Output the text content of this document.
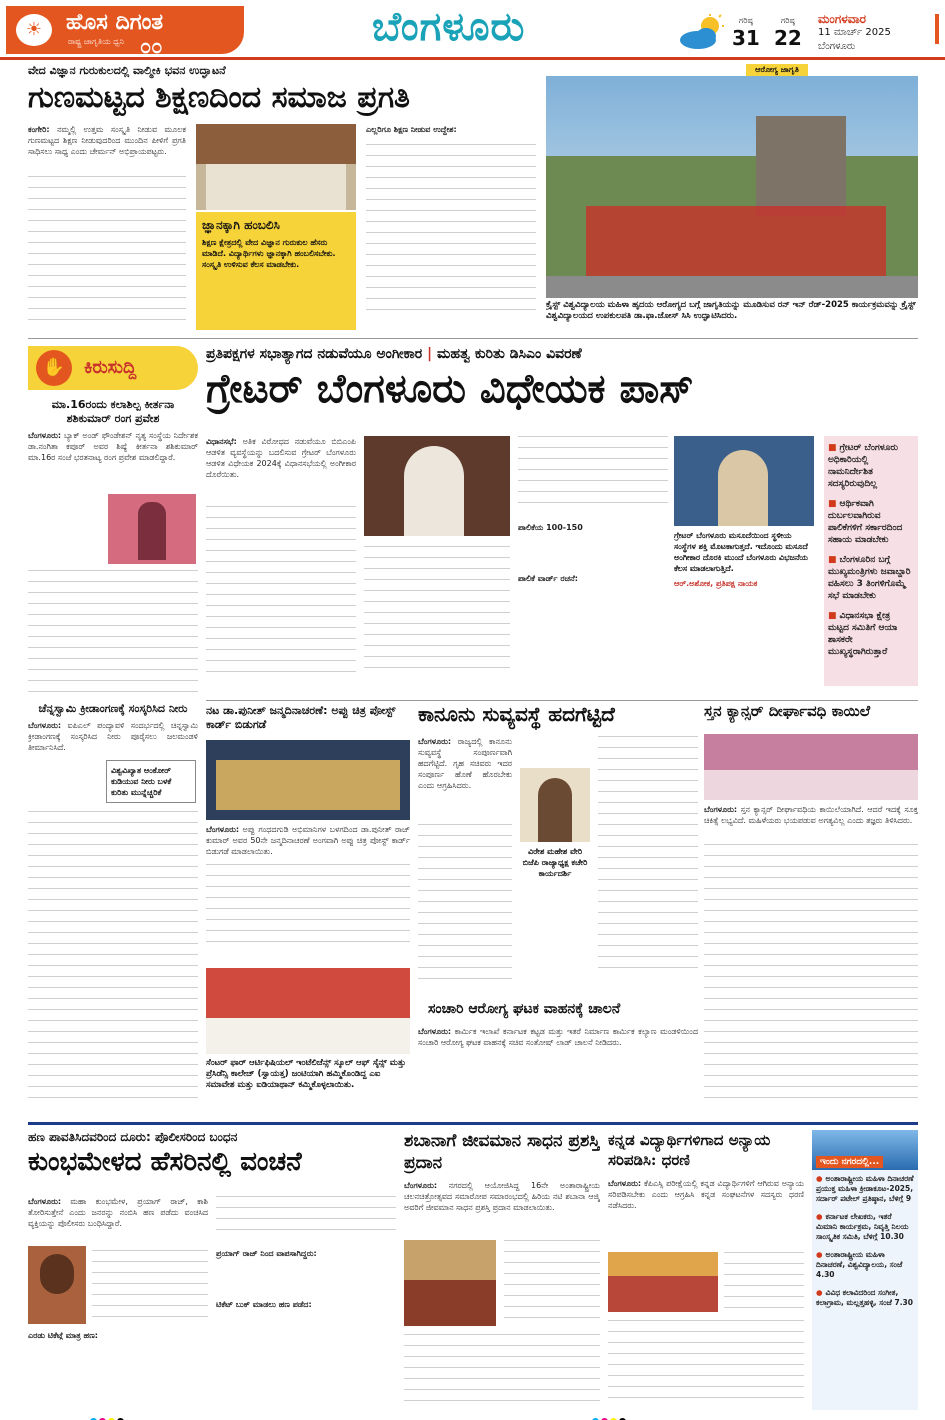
☀	ಹೊಸ ದಿಗಂತ
ರಾಷ್ಟ್ರ ಜಾಗೃತಿಯ ಧ್ವನಿ ೦೦	ಬೆಂಗಳೂರು	ಗರಿಷ್ಠ
31
ಗರಿಷ್ಠ
22
ಮಂಗಳವಾರ
11 ಮಾರ್ಚ್ 2025
ಬೆಂಗಳೂರು
ವೇದ ವಿಜ್ಞಾನ ಗುರುಕುಲದಲ್ಲಿ ವಾಲ್ಮೀಕಿ ಭವನ ಉದ್ಘಾಟನೆ
ಗುಣಮಟ್ಟದ ಶಿಕ್ಷಣದಿಂದ ಸಮಾಜ ಪ್ರಗತಿ

ಕಂಗೇರಿ: ನಮ್ಮಲ್ಲಿ ಉತ್ತಮ ಸಂಸ್ಕೃತಿ ನೀಡುವ ಮೂಲಕ ಗುಣಮಟ್ಟದ ಶಿಕ್ಷಣ ನೀಡುವುದರಿಂದ ಮುಂದಿನ ಪೀಳಿಗೆ ಪ್ರಗತಿ ಸಾಧಿಸಲು ಸಾಧ್ಯ ಎಂದು ಚೇರ್ಮನ್ ಅಭಿಪ್ರಾಯಪಟ್ಟರು.

ಜ್ಞಾನಕ್ಕಾಗಿ ಹಂಬಲಿಸಿ
ಶಿಕ್ಷಣ ಕ್ಷೇತ್ರದಲ್ಲಿ ವೇದ ವಿಜ್ಞಾನ ಗುರುಕುಲ ಹೆಸರು ಮಾಡಿದೆ. ವಿದ್ಯಾರ್ಥಿಗಳು ಜ್ಞಾನಕ್ಕಾಗಿ ಹಂಬಲಿಸಬೇಕು. ಸಂಸ್ಕೃತಿ ಉಳಿಸುವ ಕೆಲಸ ಮಾಡಬೇಕು.

ಎಲ್ಲರಿಗೂ ಶಿಕ್ಷಣ ನೀಡುವ ಉದ್ದೇಶ:

ಆರೋಗ್ಯ ಜಾಗೃತಿ
ಕ್ರೈಸ್ಟ್ ವಿಶ್ವವಿದ್ಯಾಲಯ ಮಹಿಳಾ ಹೃದಯ ಆರೋಗ್ಯದ ಬಗ್ಗೆ ಜಾಗೃತಿಯನ್ನು ಮೂಡಿಸುವ ರನ್ ಇನ್ ರೆಡ್-2025 ಕಾರ್ಯಕ್ರಮವನ್ನು ಕ್ರೈಸ್ಟ್ ವಿಶ್ವವಿದ್ಯಾಲಯದ ಉಪಕುಲಪತಿ ಡಾ.ಫಾ.ಜೋಸ್ ಸಿಸಿ ಉದ್ಘಾಟಿಸಿದರು.
✋	ಕಿರುಸುದ್ದಿ
ಮಾ.16ರಂದು ಕಲಾಶಿಲ್ಪ ಕೀರ್ತನಾ ಶಶಿಕುಮಾರ್ ರಂಗ ಪ್ರವೇಶ
ಬೆಂಗಳೂರು: ಬ್ಯಾಕ್ ಅಂಡ್ ಫೌಂಡೇಶನ್ ನೃತ್ಯ ಸಂಸ್ಥೆಯ ನಿರ್ದೇಶಕ ಡಾ.ನಂಗಿತಾ ಕಪೂರ್ ಅವರ ಶಿಷ್ಯೆ ಕೀರ್ತನಾ ಶಶಿಕುಮಾರ್ ಮಾ.16ರ ಸಂಜೆ ಭರತನಾಟ್ಯ ರಂಗ ಪ್ರವೇಶ ಮಾಡಲಿದ್ದಾರೆ.
ಚೆನ್ನಸ್ವಾಮಿ ಕ್ರೀಡಾಂಗಣಕ್ಕೆ ಸಂಸ್ಕರಿಸಿದ ನೀರು
ಬೆಂಗಳೂರು: ಐಪಿಎಲ್ ಪಂದ್ಯಾವಳಿ ಸಂದರ್ಭದಲ್ಲಿ ಚಿನ್ನಸ್ವಾಮಿ ಕ್ರೀಡಾಂಗಣಕ್ಕೆ ಸಂಸ್ಕರಿಸಿದ ನೀರು ಪೂರೈಸಲು ಜಲಮಂಡಳಿ ತೀರ್ಮಾನಿಸಿದೆ.
ವಿಶ್ವವಿಖ್ಯಾತ ಆಂಕೋರ್ ಕುಡಿಯುವ ನೀರು ಬಳಕೆ ಕುರಿತು ಮುನ್ನೆಚ್ಚರಿಕೆ
ಪ್ರತಿಪಕ್ಷಗಳ ಸಭಾತ್ಯಾಗದ ನಡುವೆಯೂ ಅಂಗೀಕಾರ | ಮಹತ್ವ ಕುರಿತು ಡಿಸಿಎಂ ವಿವರಣೆ
ಗ್ರೇಟರ್ ಬೆಂಗಳೂರು ವಿಧೇಯಕ ಪಾಸ್

ವಿಧಾನಸಭೆ: ಅತಿಕ ವಿರೋಧದ ನಡುವೆಯೂ ಬಿಬಿಎಂಪಿ ಆಡಳಿತ ವ್ಯವಸ್ಥೆಯನ್ನು ಬದಲಿಸುವ ಗ್ರೇಟರ್ ಬೆಂಗಳೂರು ಆಡಳಿತ ವಿಧೇಯಕ 2024ಕ್ಕೆ ವಿಧಾನಸಭೆಯಲ್ಲಿ ಅಂಗೀಕಾರ ದೊರೆಯಿತು.

ಪಾಲಿಕೆಯ 100-150

ಪಾಲಿಕೆ ವಾರ್ಡ್ ರಚನೆ:

ಗ್ರೇಟರ್ ಬೆಂಗಳೂರು ಮಸೂದೆಯಿಂದ ಸ್ಥಳೀಯ ಸಂಸ್ಥೆಗಳ ಶಕ್ತಿ ಮೊಟಕಾಗುತ್ತದೆ. ಇದೊಂದು ಮಸೂದೆ ಅಂಗೀಕಾರ ದೊರಕಿ ಮುಂದೆ ಬೆಂಗಳೂರು ವಿಭಜನೆಯ ಕೆಲಸ ಮಾಡಲಾಗುತ್ತಿದೆ.
ಆರ್.ಅಶೋಕ, ಪ್ರತಿಪಕ್ಷ ನಾಯಕ
■ ಗ್ರೇಟರ್ ಬೆಂಗಳೂರು ಅಧಿಕಾರಿಯಲ್ಲಿ ನಾಮನಿರ್ದೇಶಿತ ಸದಸ್ಯರಿರುವುದಿಲ್ಲ
■ ಆರ್ಥಿಕವಾಗಿ ದುರ್ಬಲವಾಗಿರುವ ಪಾಲಿಕೆಗಳಿಗೆ ಸರ್ಕಾರದಿಂದ ಸಹಾಯ ಮಾಡಬೇಕು
■ ಬೆಂಗಳೂರಿನ ಬಗ್ಗೆ ಮುಖ್ಯಮಂತ್ರಿಗಳು ಜವಾಬ್ದಾರಿ ವಹಿಸಲು 3 ತಿಂಗಳಿಗೊಮ್ಮೆ ಸಭೆ ಮಾಡಬೇಕು
■ ವಿಧಾನಸಭಾ ಕ್ಷೇತ್ರ ಮಟ್ಟದ ಸಮಿತಿಗೆ ಆಯಾ ಶಾಸಕರೇ ಮುಖ್ಯಸ್ಥರಾಗಿರುತ್ತಾರೆ
ನಟ ಡಾ.ಪುನೀತ್ ಜನ್ಮದಿನಾಚರಣೆ: ಅಪ್ಪು ಚಿತ್ರ ಪೋಸ್ಟ್ ಕಾರ್ಡ್ ಬಿಡುಗಡೆ

ಬೆಂಗಳೂರು: ಅಪ್ಪು ಗಂಧದಗುಡಿ ಅಭಿಮಾನಿಗಳ ಬಳಗದಿಂದ ಡಾ.ಪುನೀತ್ ರಾಜ್ ಕುಮಾರ್ ಅವರ 50ನೇ ಜನ್ಮದಿನಾಚರಣೆ ಅಂಗವಾಗಿ ಅಪ್ಪು ಚಿತ್ರ ಪೋಸ್ಟ್ ಕಾರ್ಡ್ ಬಿಡುಗಡೆ ಮಾಡಲಾಯಿತು.

ಸೆಂಟರ್ ಫಾರ್ ಆರ್ಟಿಫಿಷಿಯಲ್ ಇಂಟೆಲಿಜೆನ್ಸ್ ಸ್ಕೂಲ್ ಆಫ್ ಸೈನ್ಸ್ ಮತ್ತು ಪ್ರೆಸಿಡೆನ್ಸಿ ಕಾಲೇಜ್ (ಸ್ವಾಯತ್ತ) ಜಂಟಿಯಾಗಿ ಹಮ್ಮಿಕೊಂಡಿದ್ದ ಎಐ ಸಮಾವೇಶ ಮತ್ತು ಐಡಿಯಾಥಾನ್ ಕಮ್ಮಿಕೊಳ್ಳಲಾಯಿತು.
ಕಾನೂನು ಸುವ್ಯವಸ್ಥೆ ಹದಗೆಟ್ಟಿದೆ

ಬೆಂಗಳೂರು: ರಾಜ್ಯದಲ್ಲಿ ಕಾನೂನು ಸುವ್ಯವಸ್ಥೆ ಸಂಪೂರ್ಣವಾಗಿ ಹದಗೆಟ್ಟಿದೆ. ಗೃಹ ಸಚಿವರು ಇದರ ಸಂಪೂರ್ಣ ಹೊಣೆ ಹೊರಬೇಕು ಎಂದು ಆಗ್ರಹಿಸಿದರು.

ವಿರೇಶ ಮಹೇಶ ವೇರಿ ಬಿಜೆಪಿ ರಾಜ್ಯಾಧ್ಯಕ್ಷ ಕಚೇರಿ ಕಾರ್ಯದರ್ಶಿ
ಸಂಚಾರಿ ಆರೋಗ್ಯ ಘಟಕ ವಾಹನಕ್ಕೆ ಚಾಲನೆ

ಬೆಂಗಳೂರು: ಕಾರ್ಮಿಕ ಇಲಾಖೆ ಕರ್ನಾಟಕ ಕಟ್ಟಡ ಮತ್ತು ಇತರೆ ನಿರ್ಮಾಣ ಕಾರ್ಮಿಕ ಕಲ್ಯಾಣ ಮಂಡಳಿಯಿಂದ ಸಂಚಾರಿ ಆರೋಗ್ಯ ಘಟಕ ವಾಹನಕ್ಕೆ ಸಚಿವ ಸಂತೋಷ್ ಲಾಡ್ ಚಾಲನೆ ನೀಡಿದರು.

ಸ್ತನ ಕ್ಯಾನ್ಸರ್ ದೀರ್ಘಾವಧಿ ಕಾಯಿಲೆ

ಬೆಂಗಳೂರು: ಸ್ತನ ಕ್ಯಾನ್ಸರ್ ದೀರ್ಘಾವಧಿಯ ಕಾಯಿಲೆಯಾಗಿದೆ. ಆದರೆ ಇದಕ್ಕೆ ಸೂಕ್ತ ಚಿಕಿತ್ಸೆ ಲಭ್ಯವಿದೆ. ಮಹಿಳೆಯರು ಭಯಪಡುವ ಅಗತ್ಯವಿಲ್ಲ ಎಂದು ತಜ್ಞರು ತಿಳಿಸಿದರು.

ಹಣ ಪಾವತಿಸಿದವರಿಂದ ದೂರು: ಪೊಲೀಸರಿಂದ ಬಂಧನ
ಕುಂಭಮೇಳದ ಹೆಸರಿನಲ್ಲಿ ವಂಚನೆ

ಬೆಂಗಳೂರು: ಮಹಾ ಕುಂಭಮೇಳ, ಪ್ರಯಾಗ್ ರಾಜ್, ಕಾಶಿ ತೋರಿಸುತ್ತೇನೆ ಎಂದು ಜನರನ್ನು ನಂಬಿಸಿ ಹಣ ಪಡೆದು ವಂಚಿಸಿದ ವ್ಯಕ್ತಿಯನ್ನು ಪೊಲೀಸರು ಬಂಧಿಸಿದ್ದಾರೆ.

ಎರಡು ಟಿಕೆಟ್ಗೆ ಮಾತ್ರ ಹಣ:

ಪ್ರಯಾಗ್ ರಾಜ್ ನಿಂದ ವಾಪಸಾಗಿದ್ದರು:

ಟಿಕೆಟ್ ಬುಕ್ ಮಾಡಲು ಹಣ ಪಡೆದ:

ಶಬಾನಾಗೆ ಜೀವಮಾನ ಸಾಧನ ಪ್ರಶಸ್ತಿ ಪ್ರದಾನ

ಬೆಂಗಳೂರು: ನಗರದಲ್ಲಿ ಆಯೋಜಿಸಿದ್ದ 16ನೇ ಅಂತಾರಾಷ್ಟ್ರೀಯ ಚಲನಚಿತ್ರೋತ್ಸವದ ಸಮಾರೋಪ ಸಮಾರಂಭದಲ್ಲಿ ಹಿರಿಯ ನಟಿ ಶಬಾನಾ ಆಜ್ಮಿ ಅವರಿಗೆ ಜೀವಮಾನ ಸಾಧನ ಪ್ರಶಸ್ತಿ ಪ್ರದಾನ ಮಾಡಲಾಯಿತು.

ಕನ್ನಡ ವಿದ್ಯಾರ್ಥಿಗಳಿಗಾದ ಅನ್ಯಾಯ ಸರಿಪಡಿಸಿ: ಧರಣಿ

ಬೆಂಗಳೂರು: ಕೆಪಿಎಸ್ಸಿ ಪರೀಕ್ಷೆಯಲ್ಲಿ ಕನ್ನಡ ವಿದ್ಯಾರ್ಥಿಗಳಿಗೆ ಆಗಿರುವ ಅನ್ಯಾಯ ಸರಿಪಡಿಸಬೇಕು ಎಂದು ಆಗ್ರಹಿಸಿ ಕನ್ನಡ ಸಂಘಟನೆಗಳ ಸದಸ್ಯರು ಧರಣಿ ನಡೆಸಿದರು.

ಇಂದು ನಗರದಲ್ಲಿ...
● ಅಂತಾರಾಷ್ಟ್ರೀಯ ಮಹಿಳಾ ದಿನಾಚರಣೆ ಪ್ರಯುಕ್ತ ಮಹಿಳಾ ಕ್ರೀಡಾಕೂಟ-2025, ಸರ್ದಾರ್ ಪಟೇಲ್ ಪ್ರತಿಷ್ಠಾನ, ಬೆಳಿಗ್ಗೆ 9
● ಕರ್ನಾಟಕ ಲೇಖಕರು, ಇತರೆ ಮಿಮಾನಿ ಕಾರ್ಯಕ್ರಮ, ನಿವೃತ್ತಿ ನಿಲಯ ಸಾಂಸ್ಕೃತಿಕ ಸಮಿತಿ, ಬೆಳಿಗ್ಗೆ 10.30
● ಅಂತಾರಾಷ್ಟ್ರೀಯ ಮಹಿಳಾ ದಿನಾಚರಣೆ, ವಿಶ್ವವಿದ್ಯಾಲಯ, ಸಂಜೆ 4.30
● ವಿವಿಧ ಕಲಾವಿದರಿಂದ ಸಂಗೀತ, ಕಲಾಗ್ರಾಮ, ಮಲ್ಲತ್ತಹಳ್ಳಿ, ಸಂಜೆ 7.30
